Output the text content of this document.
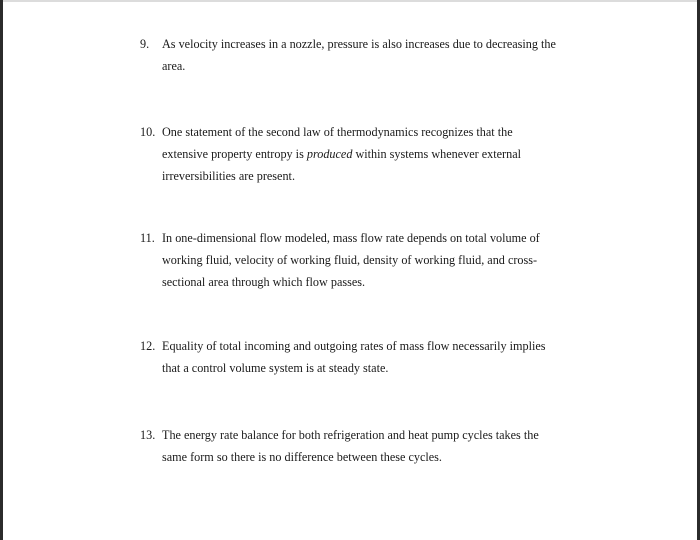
9. As velocity increases in a nozzle, pressure is also increases due to decreasing the
area.
10. One statement of the second law of thermodynamics recognizes that the
extensive property entropy is produced within systems whenever external
irreversibilities are present.
11. In one-dimensional flow modeled, mass flow rate depends on total volume of
working fluid, velocity of working fluid, density of working fluid, and cross-
sectional area through which flow passes.
12. Equality of total incoming and outgoing rates of mass flow necessarily implies
that a control volume system is at steady state.
13. The energy rate balance for both refrigeration and heat pump cycles takes the
same form so there is no difference between these cycles.
